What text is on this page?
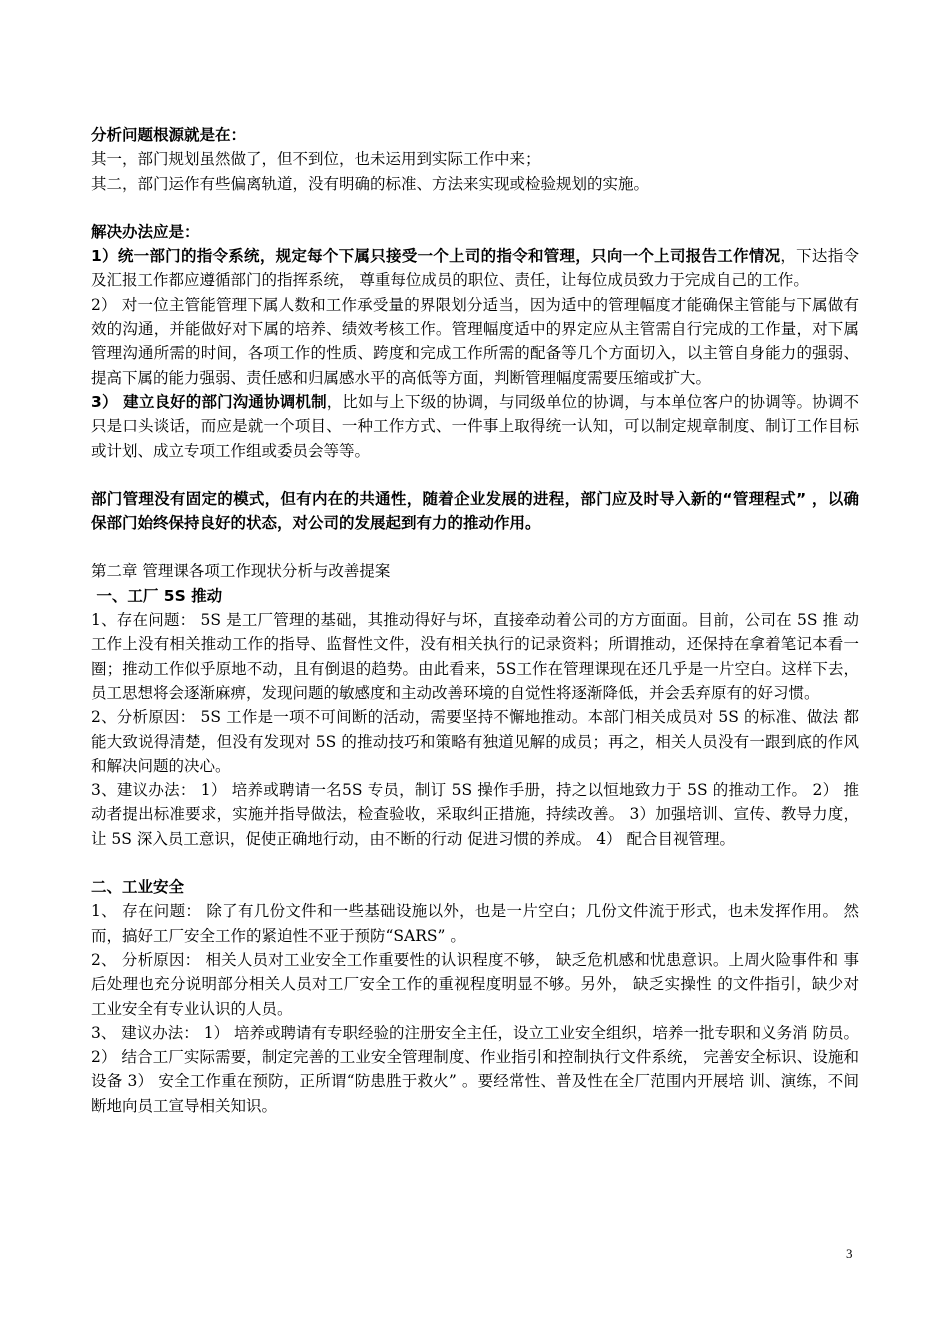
分析问题根源就是在：

其一，部门规划虽然做了，但不到位，也未运用到实际工作中来；

其二，部门运作有些偏离轨道，没有明确的标准、方法来实现或检验规划的实施。

解决办法应是：

1）统一部门的指令系统，规定每个下属只接受一个上司的指令和管理，只向一个上司报告工作情况，下达指令及汇报工作都应遵循部门的指挥系统， 尊重每位成员的职位、责任，让每位成员致力于完成自己的工作。

2） 对一位主管能管理下属人数和工作承受量的界限划分适当，因为适中的管理幅度才能确保主管能与下属做有效的沟通，并能做好对下属的培养、绩效考核工作。管理幅度适中的界定应从主管需自行完成的工作量，对下属管理沟通所需的时间，各项工作的性质、跨度和完成工作所需的配备等几个方面切入，以主管自身能力的强弱、提高下属的能力强弱、责任感和归属感水平的高低等方面，判断管理幅度需要压缩或扩大。

3） 建立良好的部门沟通协调机制，比如与上下级的协调，与同级单位的协调，与本单位客户的协调等。协调不只是口头谈话，而应是就一个项目、一种工作方式、一件事上取得统一认知，可以制定规章制度、制订工作目标或计划、成立专项工作组或委员会等等。

部门管理没有固定的模式，但有内在的共通性，随着企业发展的进程，部门应及时导入新的“管理程式” ，以确保部门始终保持良好的状态，对公司的发展起到有力的推动作用。

第二章 管理课各项工作现状分析与改善提案

一、工厂 5S 推动

1、存在问题： 5S 是工厂管理的基础，其推动得好与坏，直接牵动着公司的方方面面。目前，公司在 5S 推 动工作上没有相关推动工作的指导、监督性文件，没有相关执行的记录资料；所谓推动，还保持在拿着笔记本看一圈；推动工作似乎原地不动，且有倒退的趋势。由此看来，5S工作在管理课现在还几乎是一片空白。这样下去，员工思想将会逐渐麻痹，发现问题的敏感度和主动改善环境的自觉性将逐渐降低，并会丢弃原有的好习惯。

2、分析原因： 5S 工作是一项不可间断的活动，需要坚持不懈地推动。本部门相关成员对 5S 的标准、做法 都能大致说得清楚，但没有发现对 5S 的推动技巧和策略有独道见解的成员；再之，相关人员没有一跟到底的作风和解决问题的决心。

3、建议办法： 1） 培养或聘请一名5S 专员，制订 5S 操作手册，持之以恒地致力于 5S 的推动工作。 2） 推动者提出标准要求，实施并指导做法，检查验收，采取纠正措施，持续改善。 3）加强培训、宣传、教导力度，让 5S 深入员工意识，促使正确地行动，由不断的行动 促进习惯的养成。 4） 配合目视管理。

二、工业安全

1、 存在问题： 除了有几份文件和一些基础设施以外，也是一片空白；几份文件流于形式，也未发挥作用。 然而，搞好工厂安全工作的紧迫性不亚于预防“SARS” 。

2、 分析原因： 相关人员对工业安全工作重要性的认识程度不够， 缺乏危机感和忧患意识。上周火险事件和 事后处理也充分说明部分相关人员对工厂安全工作的重视程度明显不够。另外， 缺乏实操性 的文件指引，缺少对工业安全有专业认识的人员。

3、 建议办法： 1） 培养或聘请有专职经验的注册安全主任，设立工业安全组织，培养一批专职和义务消 防员。 2） 结合工厂实际需要，制定完善的工业安全管理制度、作业指引和控制执行文件系统， 完善安全标识、设施和设备 3） 安全工作重在预防，正所谓“防患胜于救火” 。要经常性、普及性在全厂范围内开展培 训、演练，不间断地向员工宣导相关知识。

3
